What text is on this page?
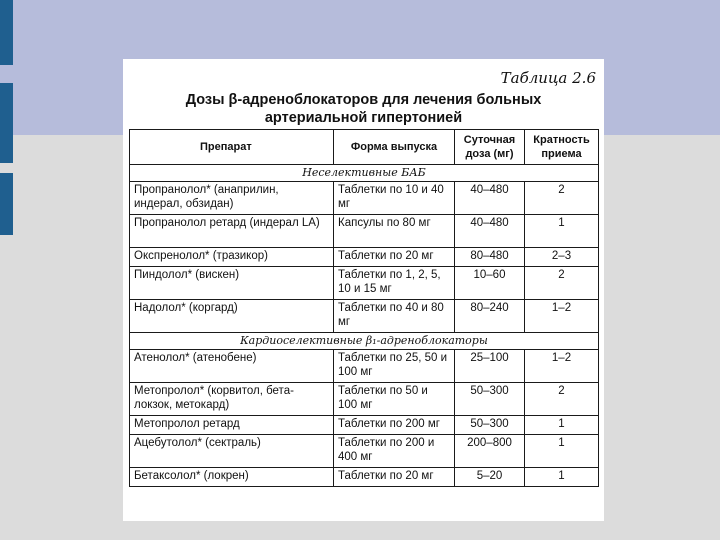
Таблица 2.6
Дозы β-адреноблокаторов для лечения больных
артериальной гипертонией
Препарат	Форма выпуска	Суточная доза (мг)	Кратность приема
Неселективные БАБ			
Пропранолол* (анаприлин, индерал, обзидан)	Таблетки по 10 и 40 мг	40–480	2
Пропранолол ретард (индерал LA)	Капсулы по 80 мг	40–480	1
Окспренолол* (тразикор)	Таблетки по 20 мг	80–480	2–3
Пиндолол* (вискен)	Таблетки по 1, 2, 5, 10 и 15 мг	10–60	2
Надолол* (коргард)	Таблетки по 40 и 80 мг	80–240	1–2
Кардиоселективные β₁-адреноблокаторы			
Атенолол* (атенобене)	Таблетки по 25, 50 и 100 мг	25–100	1–2
Метопролол* (корвитол, бета-локзок, метокард)	Таблетки по 50 и 100 мг	50–300	2
Метопролол ретард	Таблетки по 200 мг	50–300	1
Ацебутолол* (сектраль)	Таблетки по 200 и 400 мг	200–800	1
Бетаксолол* (локрен)	Таблетки по 20 мг	5–20	1
